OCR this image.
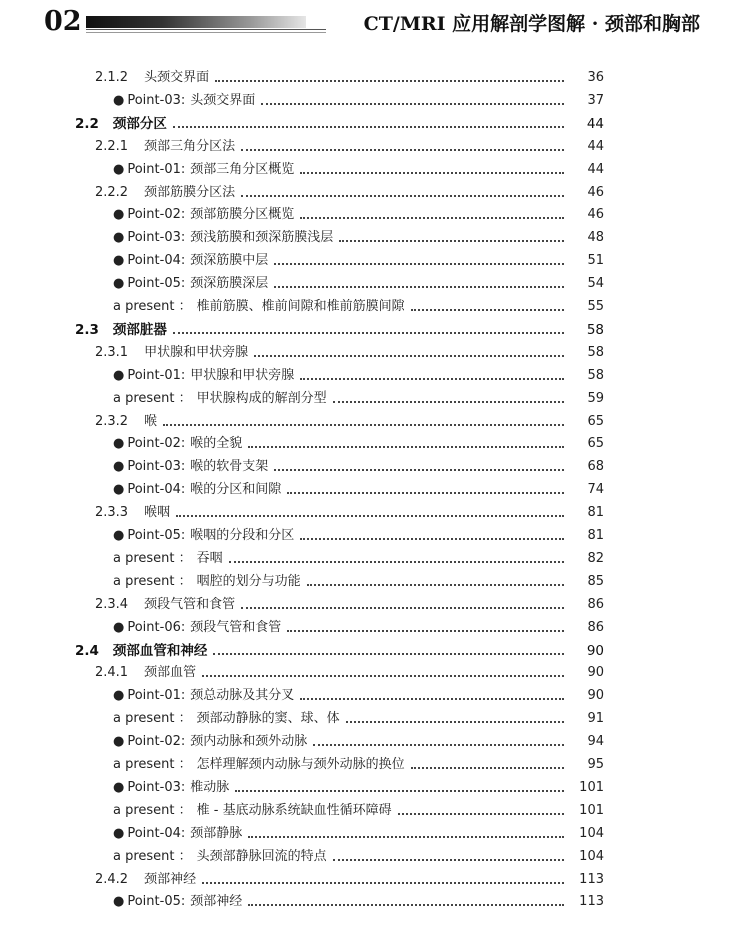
02	CT/MRI 应用解剖学图解 · 颈部和胸部
2.1.2 头颈交界面	36
● Point-03: 头颈交界面	37
2.2 颈部分区	44
2.2.1 颈部三角分区法	44
● Point-01: 颈部三角分区概览	44
2.2.2 颈部筋膜分区法	46
● Point-02: 颈部筋膜分区概览	46
● Point-03: 颈浅筋膜和颈深筋膜浅层	48
● Point-04: 颈深筋膜中层	51
● Point-05: 颈深筋膜深层	54
a present ： 椎前筋膜、椎前间隙和椎前筋膜间隙	55
2.3 颈部脏器	58
2.3.1 甲状腺和甲状旁腺	58
● Point-01: 甲状腺和甲状旁腺	58
a present ： 甲状腺构成的解剖分型	59
2.3.2 喉	65
● Point-02: 喉的全貌	65
● Point-03: 喉的软骨支架	68
● Point-04: 喉的分区和间隙	74
2.3.3 喉咽	81
● Point-05: 喉咽的分段和分区	81
a present ： 吞咽	82
a present ： 咽腔的划分与功能	85
2.3.4 颈段气管和食管	86
● Point-06: 颈段气管和食管	86
2.4 颈部血管和神经	90
2.4.1 颈部血管	90
● Point-01: 颈总动脉及其分叉	90
a present ： 颈部动静脉的窦、球、体	91
● Point-02: 颈内动脉和颈外动脉	94
a present ： 怎样理解颈内动脉与颈外动脉的换位	95
● Point-03: 椎动脉	101
a present ： 椎 - 基底动脉系统缺血性循环障碍	101
● Point-04: 颈部静脉	104
a present ： 头颈部静脉回流的特点	104
2.4.2 颈部神经	113
● Point-05: 颈部神经	113
